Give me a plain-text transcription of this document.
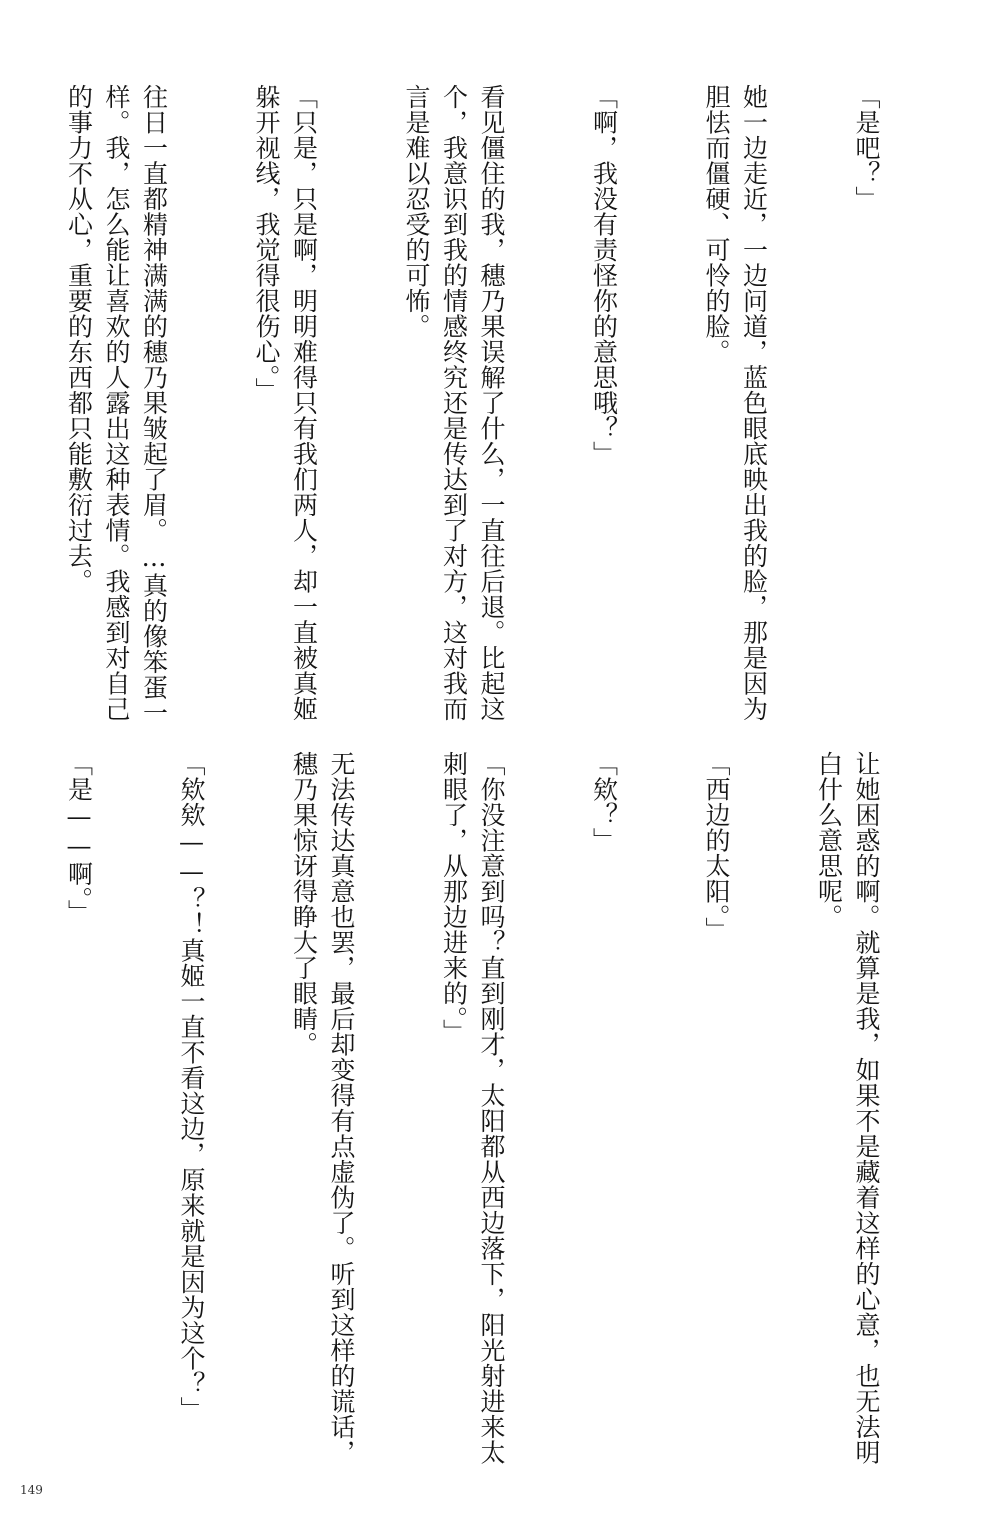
「是吧？」

她一边走近，一边问道，蓝色眼底映出我的脸，那是因为胆怯而僵硬、可怜的脸。

「啊，我没有责怪你的意思哦？」

看见僵住的我，穗乃果误解了什么，一直往后退。比起这个，我意识到我的情感终究还是传达到了对方，这对我而言是难以忍受的可怖。

「只是，只是啊，明明难得只有我们两人，却一直被真姬躲开视线，我觉得很伤心。」

往日一直都精神满满的穗乃果皱起了眉。…真的像笨蛋一样。我，怎么能让喜欢的人露出这种表情。我感到对自己的事力不从心，重要的东西都只能敷衍过去。

让她困惑的啊。就算是我，如果不是藏着这样的心意，也无法明白什么意思呢。

「西边的太阳。」

「欸？」

「你没注意到吗？直到刚才，太阳都从西边落下，阳光射进来太刺眼了，从那边进来的。」

无法传达真意也罢，最后却变得有点虚伪了。听到这样的谎话，穗乃果惊讶得睁大了眼睛。

「欸欸——？！真姬一直不看这边，原来就是因为这个？」

「是——啊。」

149
